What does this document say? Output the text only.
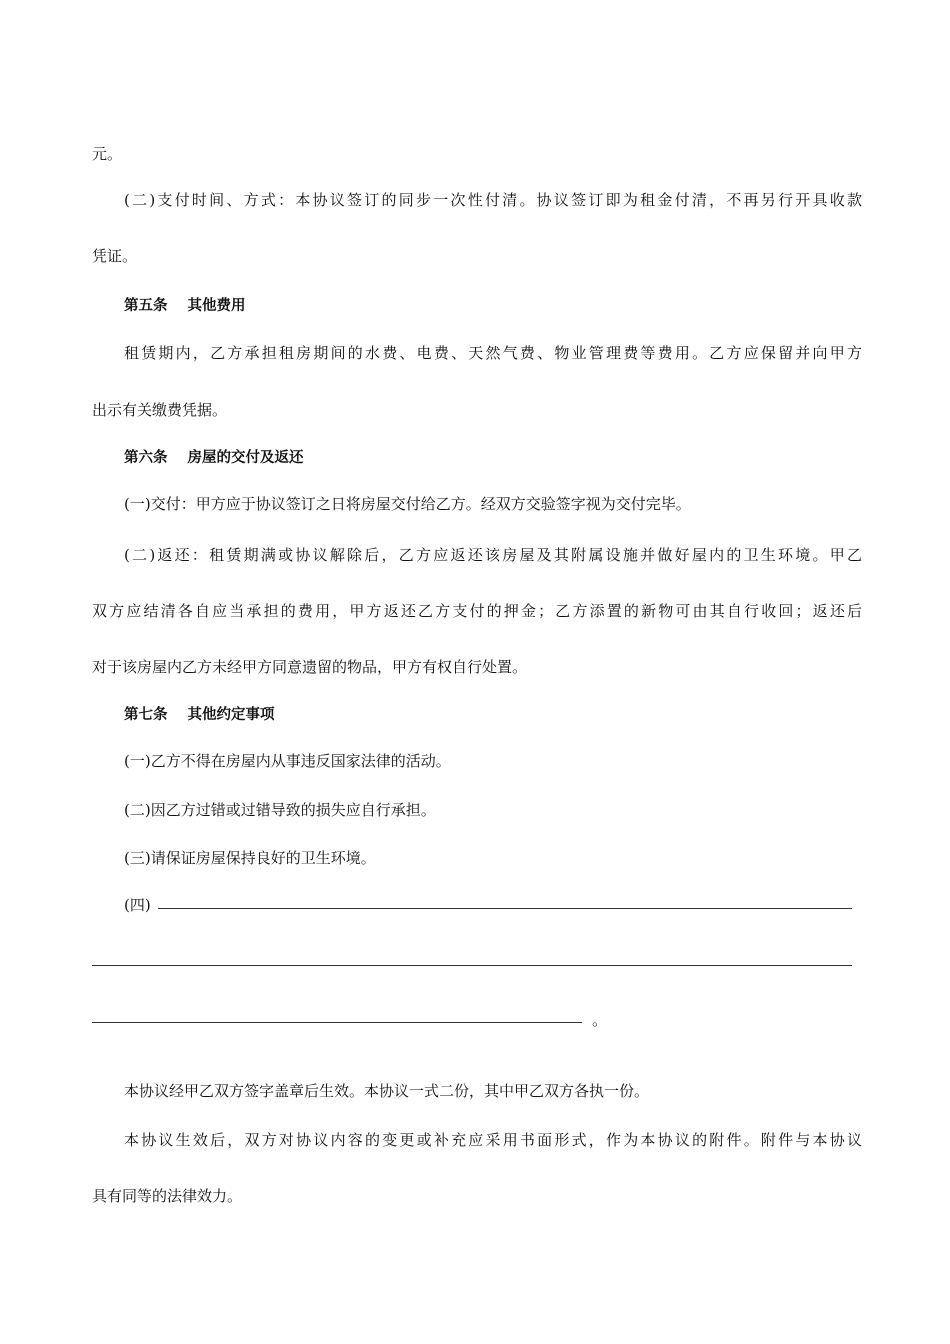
元。
(二)支付时间、方式：本协议签订的同步一次性付清。协议签订即为租金付清，不再另行开具收款
凭证。
第五条 其他费用
租赁期内，乙方承担租房期间的水费、电费、天然气费、物业管理费等费用。乙方应保留并向甲方
出示有关缴费凭据。
第六条 房屋的交付及返还
(一)交付：甲方应于协议签订之日将房屋交付给乙方。经双方交验签字视为交付完毕。
(二)返还：租赁期满或协议解除后，乙方应返还该房屋及其附属设施并做好屋内的卫生环境。甲乙
双方应结清各自应当承担的费用，甲方返还乙方支付的押金；乙方添置的新物可由其自行收回；返还后
对于该房屋内乙方未经甲方同意遗留的物品，甲方有权自行处置。
第七条 其他约定事项
(一)乙方不得在房屋内从事违反国家法律的活动。
(二)因乙方过错或过错导致的损失应自行承担。
(三)请保证房屋保持良好的卫生环境。
(四)
。
本协议经甲乙双方签字盖章后生效。本协议一式二份，其中甲乙双方各执一份。
本协议生效后，双方对协议内容的变更或补充应采用书面形式，作为本协议的附件。附件与本协议
具有同等的法律效力。
